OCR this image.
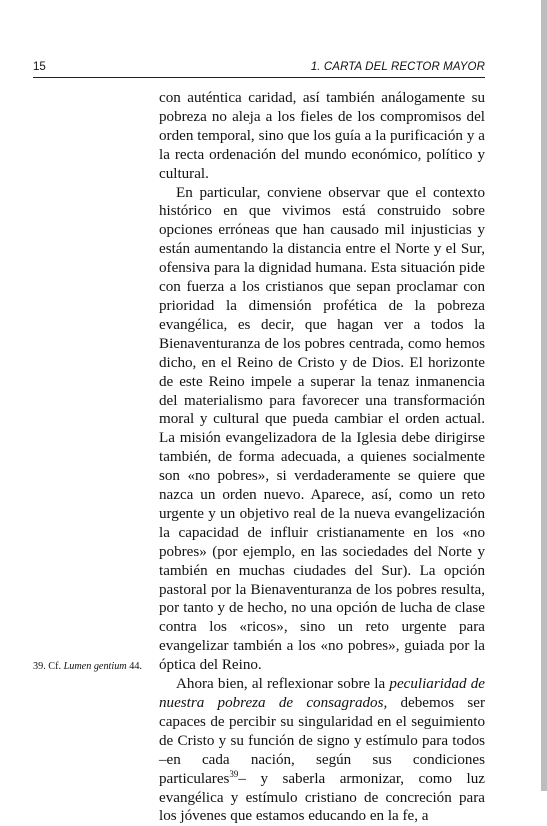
15	1. CARTA DEL RECTOR MAYOR

con auténtica caridad, así también análogamente su pobreza no aleja a los fieles de los compromisos del orden temporal, sino que los guía a la purificación y a la recta ordenación del mundo económico, político y cultural.

En particular, conviene observar que el contexto histórico en que vivimos está construido sobre opciones erróneas que han causado mil injusticias y están aumentando la distancia entre el Norte y el Sur, ofensiva para la dignidad humana. Esta situación pide con fuerza a los cristianos que sepan proclamar con prioridad la dimensión profética de la pobreza evangélica, es decir, que hagan ver a todos la Bienaventuranza de los pobres centrada, como hemos dicho, en el Reino de Cristo y de Dios. El horizonte de este Reino impele a superar la tenaz inmanencia del materialismo para favorecer una transformación moral y cultural que pueda cambiar el orden actual. La misión evangelizadora de la Iglesia debe dirigirse también, de forma adecuada, a quienes socialmente son «no pobres», si verdaderamente se quiere que nazca un orden nuevo. Aparece, así, como un reto urgente y un objetivo real de la nueva evangelización la capacidad de influir cristianamente en los «no pobres» (por ejemplo, en las sociedades del Norte y también en muchas ciudades del Sur). La opción pastoral por la Bienaventuranza de los pobres resulta, por tanto y de hecho, no una opción de lucha de clase contra los «ricos», sino un reto urgente para evangelizar también a los «no pobres», guiada por la óptica del Reino.

Ahora bien, al reflexionar sobre la peculiaridad de nuestra pobreza de consagrados, debemos ser capaces de percibir su singularidad en el seguimiento de Cristo y su función de signo y estímulo para todos –en cada nación, según sus condiciones particulares$^{39}$– y saberla armonizar, como luz evangélica y estímulo cristiano de concreción para los jóvenes que estamos educando en la fe, a

39. Cf. Lumen gentium 44.
